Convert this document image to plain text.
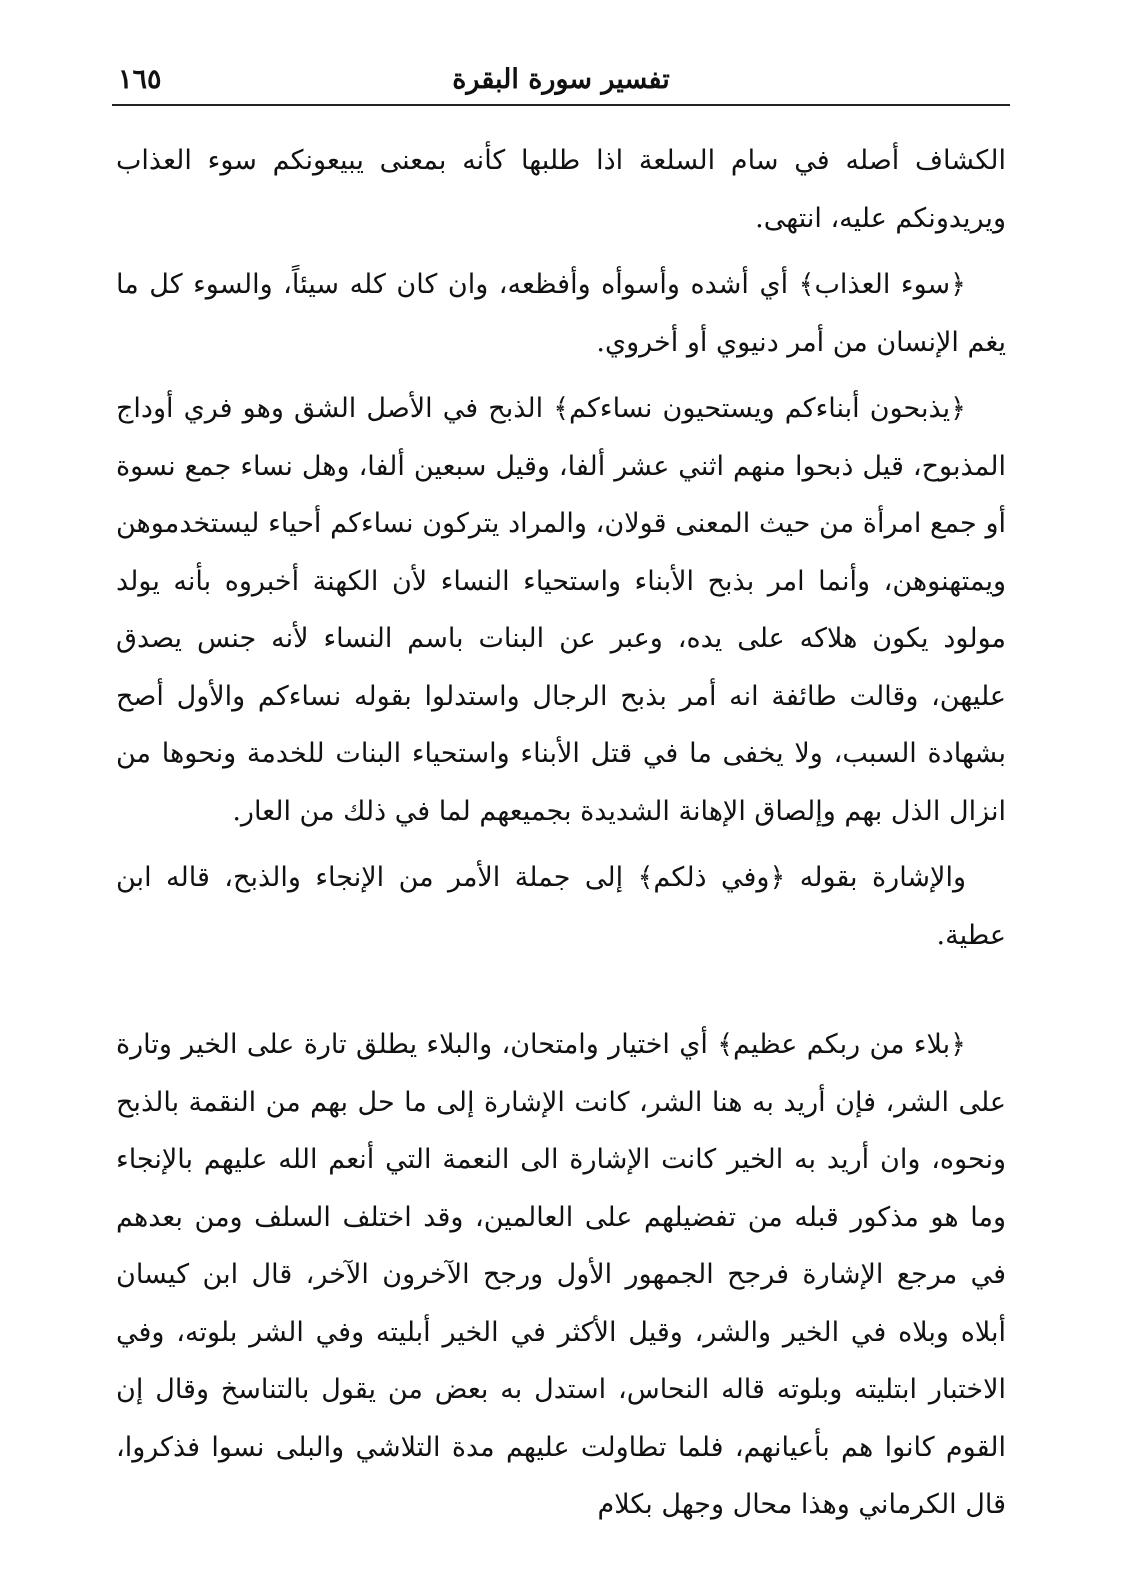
١٦٥	تفسير سورة البقرة

الكشاف أصله في سام السلعة اذا طلبها كأنه بمعنى يبيعونكم سوء العذاب ويريدونكم عليه، انتهى.

﴿سوء العذاب﴾ أي أشده وأسوأه وأفظعه، وان كان كله سيئاً، والسوء كل ما يغم الإنسان من أمر دنيوي أو أخروي.

﴿يذبحون أبناءكم ويستحيون نساءكم﴾ الذبح في الأصل الشق وهو فري أوداج المذبوح، قيل ذبحوا منهم اثني عشر ألفا، وقيل سبعين ألفا، وهل نساء جمع نسوة أو جمع امرأة من حيث المعنى قولان، والمراد يتركون نساءكم أحياء ليستخدموهن ويمتهنوهن، وأنما امر بذبح الأبناء واستحياء النساء لأن الكهنة أخبروه بأنه يولد مولود يكون هلاكه على يده، وعبر عن البنات باسم النساء لأنه جنس يصدق عليهن، وقالت طائفة انه أمر بذبح الرجال واستدلوا بقوله نساءكم والأول أصح بشهادة السبب، ولا يخفى ما في قتل الأبناء واستحياء البنات للخدمة ونحوها من انزال الذل بهم وإلصاق الإهانة الشديدة بجميعهم لما في ذلك من العار.

والإشارة بقوله ﴿وفي ذلكم﴾ إلى جملة الأمر من الإنجاء والذبح، قاله ابن عطية.

﴿بلاء من ربكم عظيم﴾ أي اختيار وامتحان، والبلاء يطلق تارة على الخير وتارة على الشر، فإن أريد به هنا الشر، كانت الإشارة إلى ما حل بهم من النقمة بالذبح ونحوه، وان أريد به الخير كانت الإشارة الى النعمة التي أنعم الله عليهم بالإنجاء وما هو مذكور قبله من تفضيلهم على العالمين، وقد اختلف السلف ومن بعدهم في مرجع الإشارة فرجح الجمهور الأول ورجح الآخرون الآخر، قال ابن كيسان أبلاه وبلاه في الخير والشر، وقيل الأكثر في الخير أبليته وفي الشر بلوته، وفي الاختبار ابتليته وبلوته قاله النحاس، استدل به بعض من يقول بالتناسخ وقال إن القوم كانوا هم بأعيانهم، فلما تطاولت عليهم مدة التلاشي والبلى نسوا فذكروا، قال الكرماني وهذا محال وجهل بكلام
